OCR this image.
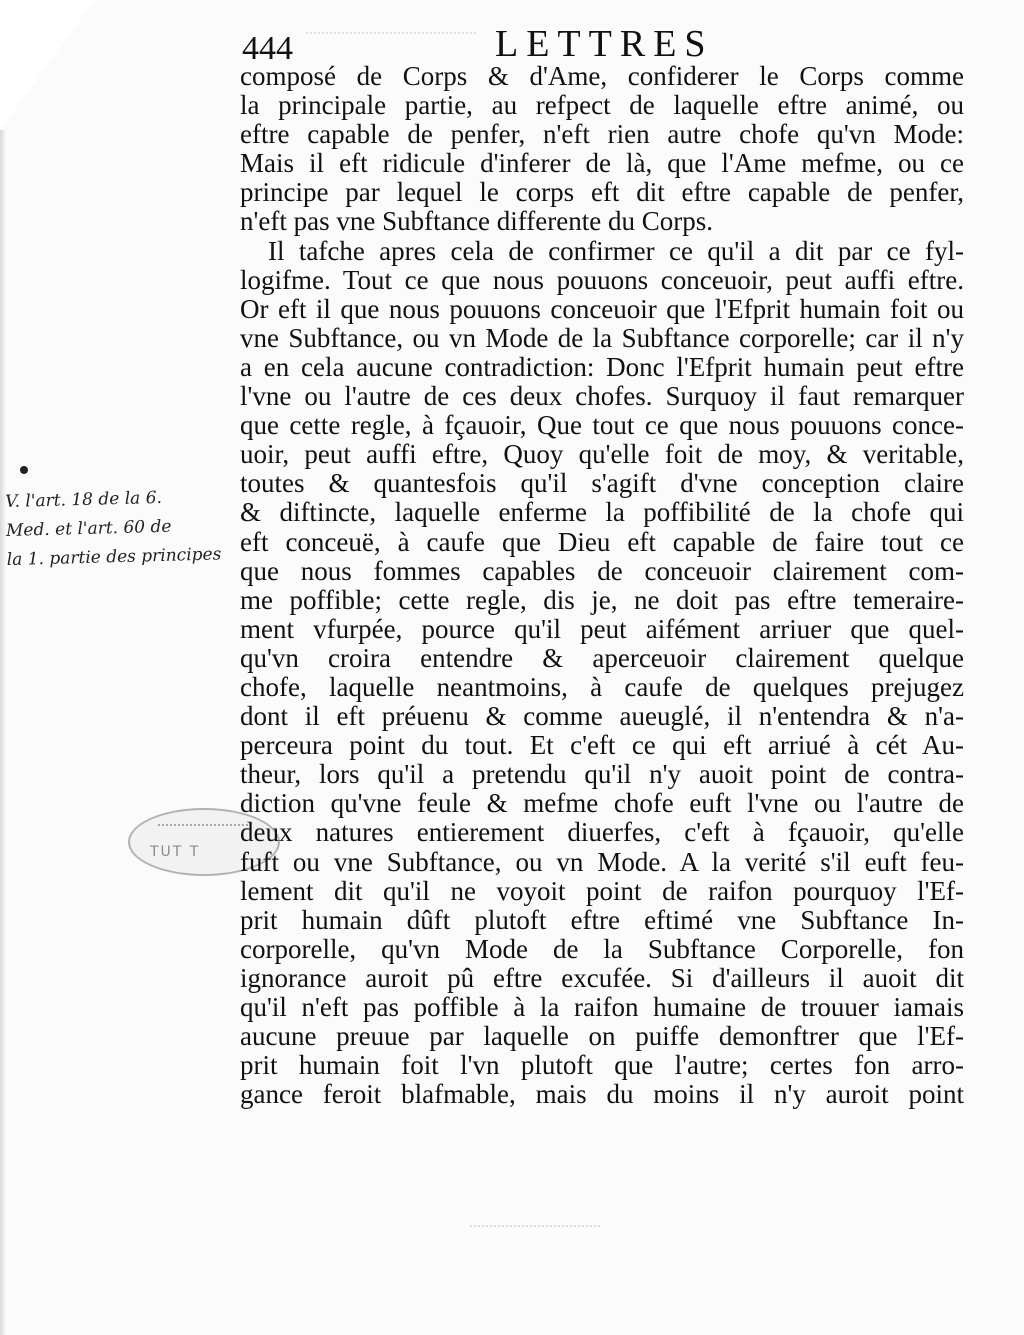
444	LETTRES
V. l'art. 18 de la 6.
Med. et l'art. 60 de
la 1. partie des principes
TUT T
composé de Corps & d'Ame, confiderer le Corps comme
la principale partie, au refpect de laquelle eftre animé, ou
eftre capable de penfer, n'eft rien autre chofe qu'vn Mode:
Mais il eft ridicule d'inferer de là, que l'Ame mefme, ou ce
principe par lequel le corps eft dit eftre capable de penfer,
n'eft pas vne Subftance differente du Corps.
Il tafche apres cela de confirmer ce qu'il a dit par ce fyl-
logifme. Tout ce que nous pouuons conceuoir, peut auffi eftre.
Or eft il que nous pouuons conceuoir que l'Efprit humain foit ou
vne Subftance, ou vn Mode de la Subftance corporelle; car il n'y
a en cela aucune contradiction: Donc l'Efprit humain peut eftre
l'vne ou l'autre de ces deux chofes. Surquoy il faut remarquer
que cette regle, à fçauoir, Que tout ce que nous pouuons conce-
uoir, peut auffi eftre, Quoy qu'elle foit de moy, & veritable,
toutes & quantesfois qu'il s'agift d'vne conception claire
& diftincte, laquelle enferme la poffibilité de la chofe qui
eft conceuë, à caufe que Dieu eft capable de faire tout ce
que nous fommes capables de conceuoir clairement com-
me poffible; cette regle, dis je, ne doit pas eftre temeraire-
ment vfurpée, pource qu'il peut aifément arriuer que quel-
qu'vn croira entendre & aperceuoir clairement quelque
chofe, laquelle neantmoins, à caufe de quelques prejugez
dont il eft préuenu & comme aueuglé, il n'entendra & n'a-
perceura point du tout. Et c'eft ce qui eft arriué à cét Au-
theur, lors qu'il a pretendu qu'il n'y auoit point de contra-
diction qu'vne feule & mefme chofe euft l'vne ou l'autre de
deux natures entierement diuerfes, c'eft à fçauoir, qu'elle
fuft ou vne Subftance, ou vn Mode. A la verité s'il euft feu-
lement dit qu'il ne voyoit point de raifon pourquoy l'Ef-
prit humain dûft plutoft eftre eftimé vne Subftance In-
corporelle, qu'vn Mode de la Subftance Corporelle, fon
ignorance auroit pû eftre excufée. Si d'ailleurs il auoit dit
qu'il n'eft pas poffible à la raifon humaine de trouuer iamais
aucune preuue par laquelle on puiffe demonftrer que l'Ef-
prit humain foit l'vn plutoft que l'autre; certes fon arro-
gance feroit blafmable, mais du moins il n'y auroit point
